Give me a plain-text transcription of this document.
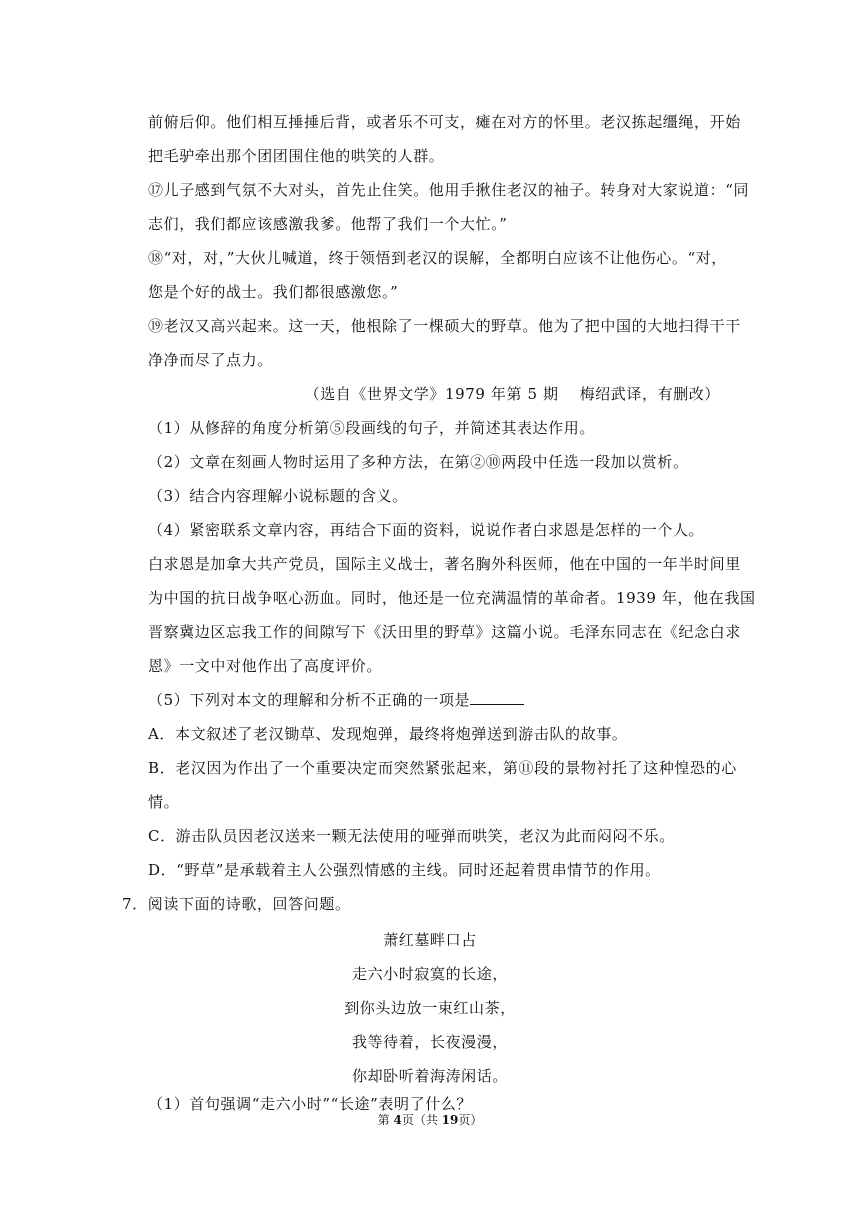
前俯后仰。他们相互捶捶后背，或者乐不可支，瘫在对方的怀里。老汉拣起缰绳，开始
把毛驴牵出那个团团围住他的哄笑的人群。
⑰儿子感到气氛不大对头，首先止住笑。他用手揪住老汉的袖子。转身对大家说道：“同
志们，我们都应该感激我爹。他帮了我们一个大忙。”
⑱“对，对，”大伙儿喊道，终于领悟到老汉的误解，全都明白应该不让他伤心。“对，
您是个好的战士。我们都很感激您。”
⑲老汉又高兴起来。这一天，他根除了一棵硕大的野草。他为了把中国的大地扫得干干
净净而尽了点力。
（选自《世界文学》1979 年第 5 期　 梅绍武译，有删改）
（1）从修辞的角度分析第⑤段画线的句子，并简述其表达作用。
（2）文章在刻画人物时运用了多种方法，在第②⑩两段中任选一段加以赏析。
（3）结合内容理解小说标题的含义。
（4）紧密联系文章内容，再结合下面的资料，说说作者白求恩是怎样的一个人。
白求恩是加拿大共产党员，国际主义战士，著名胸外科医师，他在中国的一年半时间里
为中国的抗日战争呕心沥血。同时，他还是一位充满温情的革命者。1939 年，他在我国
晋察冀边区忘我工作的间隙写下《沃田里的野草》这篇小说。毛泽东同志在《纪念白求
恩》一文中对他作出了高度评价。
（5）下列对本文的理解和分析不正确的一项是
A．本文叙述了老汉锄草、发现炮弹，最终将炮弹送到游击队的故事。
B．老汉因为作出了一个重要决定而突然紧张起来，第⑪段的景物衬托了这种惶恐的心
情。
C．游击队员因老汉送来一颗无法使用的哑弹而哄笑，老汉为此而闷闷不乐。
D．“野草”是承载着主人公强烈情感的主线。同时还起着贯串情节的作用。
7．阅读下面的诗歌，回答问题。
萧红墓畔口占
走六小时寂寞的长途，
到你头边放一束红山茶，
我等待着，长夜漫漫，
你却卧听着海涛闲话。
（1）首句强调“走六小时”“长途”表明了什么？
第 4页（共 19页）
